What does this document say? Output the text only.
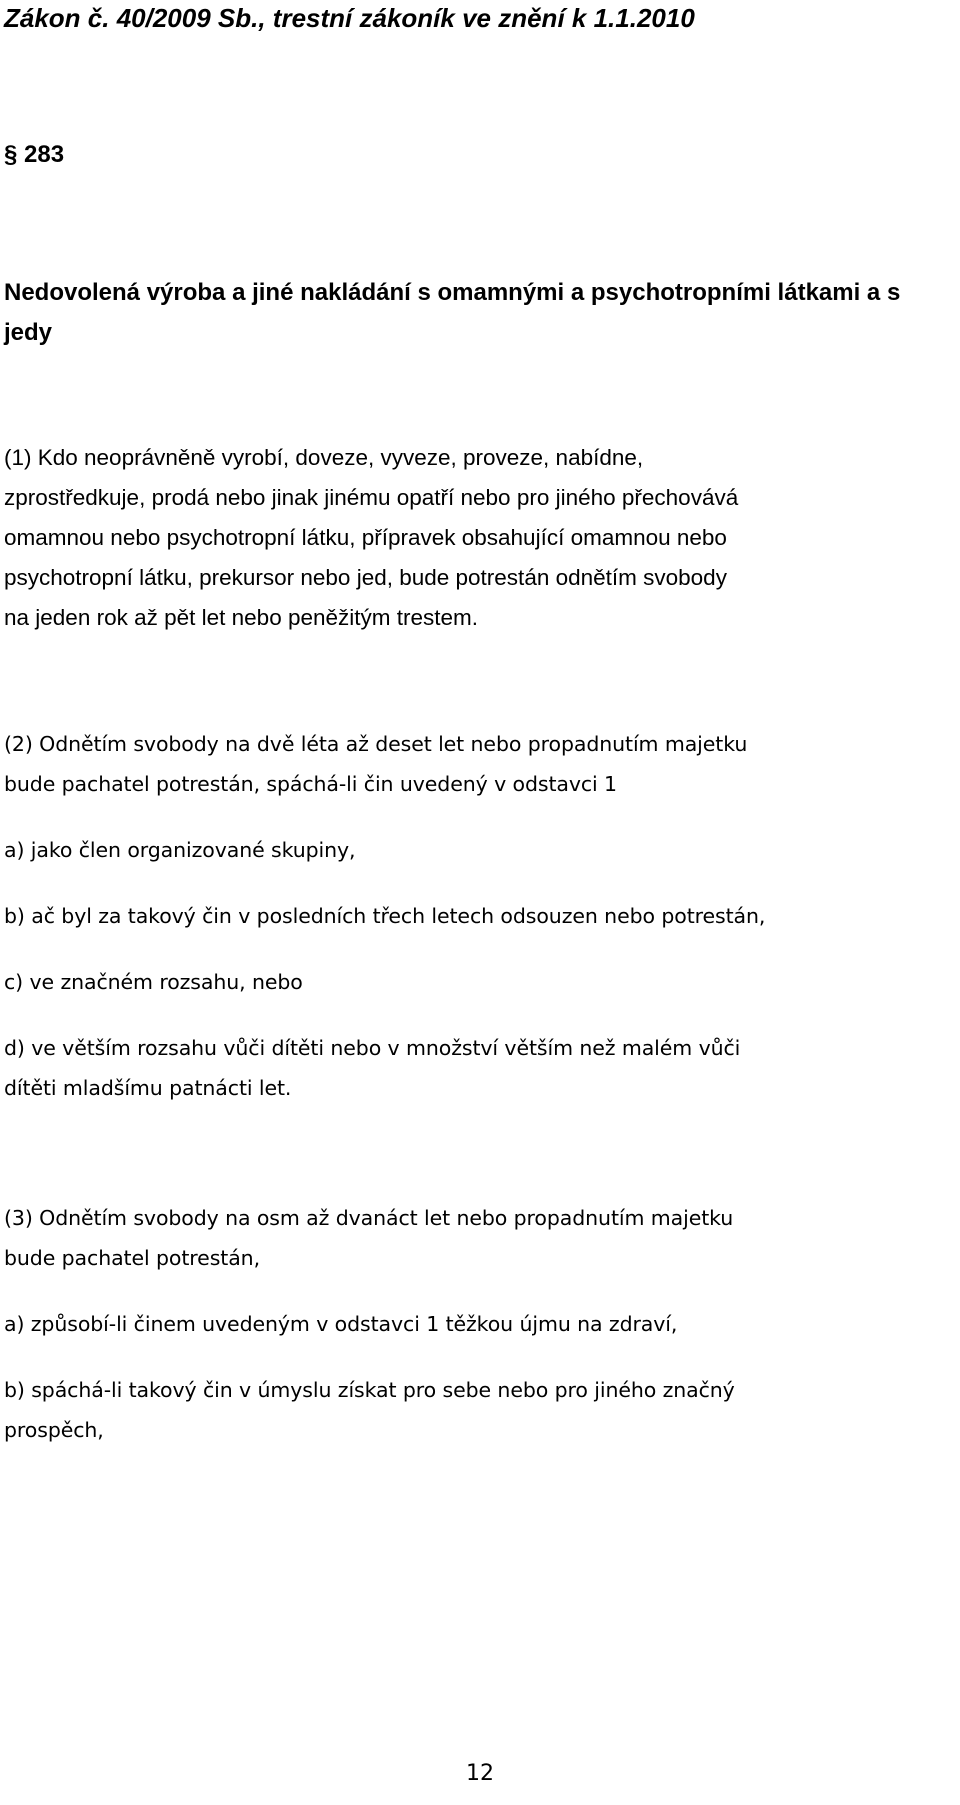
Zákon č. 40/2009 Sb., trestní zákoník ve znění k 1.1.2010
§ 283
Nedovolená výroba a jiné nakládání s omamnými a psychotropními látkami a s jedy
(1) Kdo neoprávněně vyrobí, doveze, vyveze, proveze, nabídne,
zprostředkuje, prodá nebo jinak jinému opatří nebo pro jiného přechovává
omamnou nebo psychotropní látku, přípravek obsahující omamnou nebo
psychotropní látku, prekursor nebo jed, bude potrestán odnětím svobody
na jeden rok až pět let nebo peněžitým trestem.
(2) Odnětím svobody na dvě léta až deset let nebo propadnutím majetku
bude pachatel potrestán, spáchá-li čin uvedený v odstavci 1
a) jako člen organizované skupiny,
b) ač byl za takový čin v posledních třech letech odsouzen nebo potrestán,
c) ve značném rozsahu, nebo
d) ve větším rozsahu vůči dítěti nebo v množství větším než malém vůči
dítěti mladšímu patnácti let.
(3) Odnětím svobody na osm až dvanáct let nebo propadnutím majetku
bude pachatel potrestán,
a) způsobí-li činem uvedeným v odstavci 1 těžkou újmu na zdraví,
b) spáchá-li takový čin v úmyslu získat pro sebe nebo pro jiného značný
prospěch,
12
